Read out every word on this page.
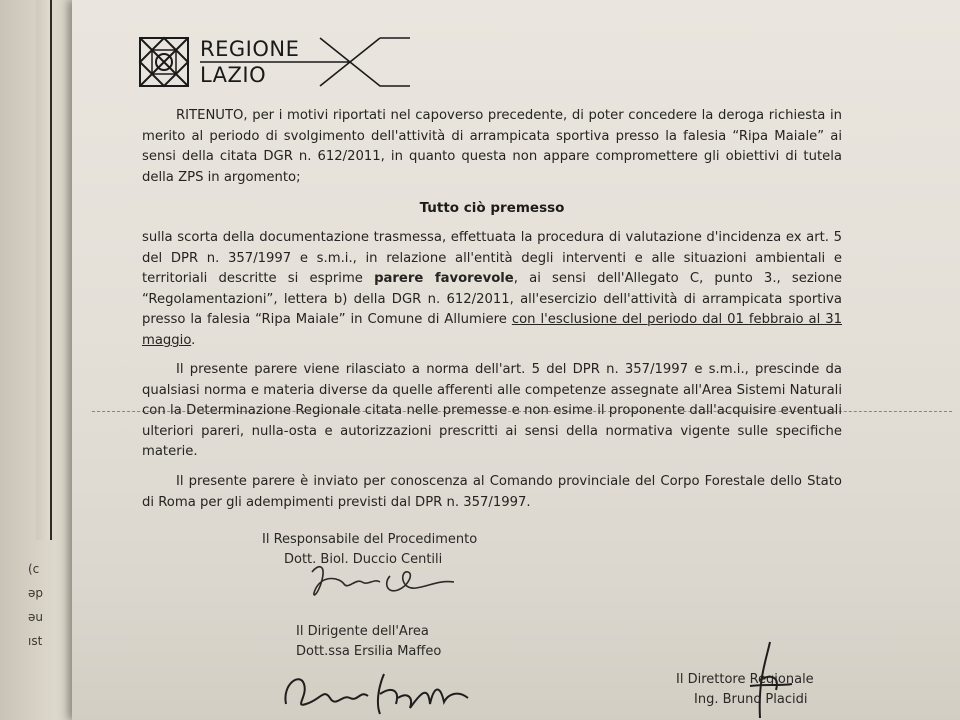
(c
əp
əu
ıst
REGIONE
LAZIO
RITENUTO, per i motivi riportati nel capoverso precedente, di poter concedere la deroga richiesta in merito al periodo di svolgimento dell'attività di arrampicata sportiva presso la falesia “Ripa Maiale” ai sensi della citata DGR n. 612/2011, in quanto questa non appare compromettere gli obiettivi di tutela della ZPS in argomento;
Tutto ciò premesso
sulla scorta della documentazione trasmessa, effettuata la procedura di valutazione d'incidenza ex art. 5 del DPR n. 357/1997 e s.m.i., in relazione all'entità degli interventi e alle situazioni ambientali e territoriali descritte si esprime parere favorevole, ai sensi dell'Allegato C, punto 3., sezione “Regolamentazioni”, lettera b) della DGR n. 612/2011, all'esercizio dell'attività di arrampicata sportiva presso la falesia “Ripa Maiale” in Comune di Allumiere con l'esclusione del periodo dal 01 febbraio al 31 maggio.
Il presente parere viene rilasciato a norma dell'art. 5 del DPR n. 357/1997 e s.m.i., prescinde da qualsiasi norma e materia diverse da quelle afferenti alle competenze assegnate all'Area Sistemi Naturali con la Determinazione Regionale citata nelle premesse e non esime il proponente dall'acquisire eventuali ulteriori pareri, nulla-osta e autorizzazioni prescritti ai sensi della normativa vigente sulle specifiche materie.
Il presente parere è inviato per conoscenza al Comando provinciale del Corpo Forestale dello Stato di Roma per gli adempimenti previsti dal DPR n. 357/1997.
Il Responsabile del Procedimento
Dott. Biol. Duccio Centili
Il Dirigente dell'Area
Dott.ssa Ersilia Maffeo
Il Direttore Regionale
Ing. Bruno Placidi
